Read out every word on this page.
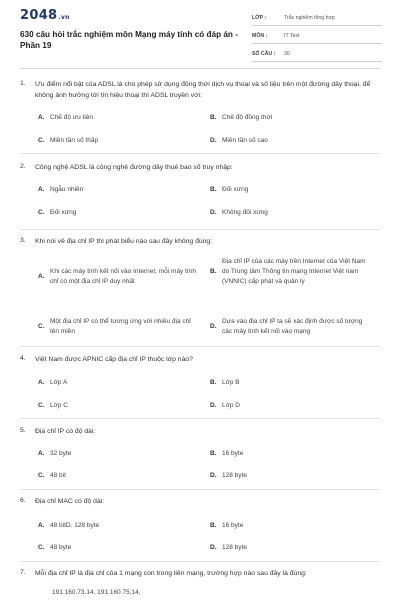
2048.vn
630 câu hỏi trắc nghiệm môn Mạng máy tính có đáp án - Phần 19
LỚP :	Trắc nghiệm tổng hợp
MÔN :	IT Test
SỐ CÂU :	30
1. Ưu điểm nổi bật của ADSL là cho phép sử dụng đồng thời dịch vụ thoại và số liệu trên một đường dây thoại, để không ảnh hưởng tới tín hiệu thoại thì ADSL truyền với:
A. Chế độ ưu tiên	B. Chế độ đồng thời
C. Miền tần số thấp	D. Miền tần số cao
2. Công nghệ ADSL là công nghệ đường dây thuê bao số truy nhập:
A. Ngẫu nhiên	B. Đối xứng
C. Đối xứng	D. Không đối xứng
3. Khi nói về địa chỉ IP thì phát biểu nào sau đây không đúng:
A.
Khi các máy tính kết nối vào Internet, mỗi máy tính chỉ có một địa chỉ IP duy nhất
B.
Địa chỉ IP của các máy trên Internet của Việt Nam do Trung tâm Thông tin mạng Internet Việt nam (VNNIC) cấp phát và quản lý
C.
Một địa chỉ IP có thể tương ứng với nhiều địa chỉ tên miền
D.
Dựa vào địa chỉ IP ta sẽ xác định được số lượng các máy tính kết nối vào mạng
4. Việt Nam được APNIC cấp địa chỉ IP thuộc lớp nào?
A. Lớp A	B. Lớp B
C. Lớp C	D. Lớp D
5. Địa chỉ IP có độ dài:
A. 32 byte	B. 16 byte
C. 48 bit	D. 128 byte
6. Địa chỉ MAC có độ dài:
A. 48 bitD. 128 byte	B. 16 byte
C. 48 byte	D. 128 byte
7. Mỗi địa chỉ IP là địa chỉ của 1 mạng con trong liên mạng, trường hợp nào sau đây là đúng:
191.160.73.14, 191.160.75.14,
